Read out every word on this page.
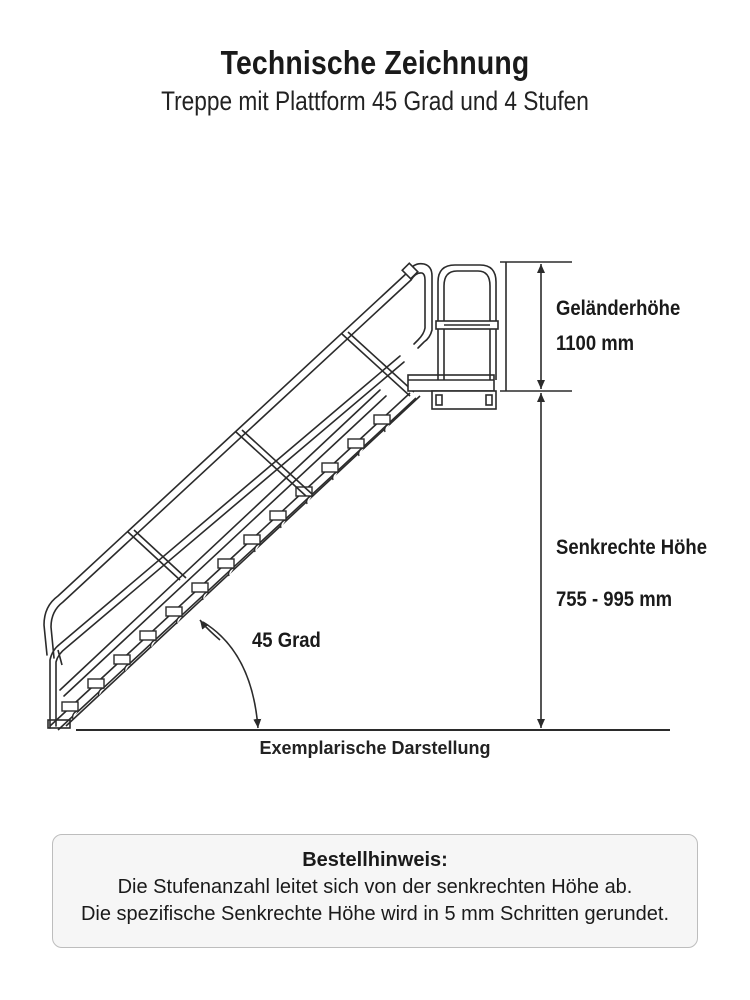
Technische Zeichnung
Treppe mit Plattform 45 Grad und 4 Stufen
Geländerhöhe
1100 mm
Senkrechte Höhe
755 - 995 mm
45 Grad
Exemplarische Darstellung
Bestellhinweis:
Die Stufenanzahl leitet sich von der senkrechten Höhe ab.
Die spezifische Senkrechte Höhe wird in 5 mm Schritten gerundet.
